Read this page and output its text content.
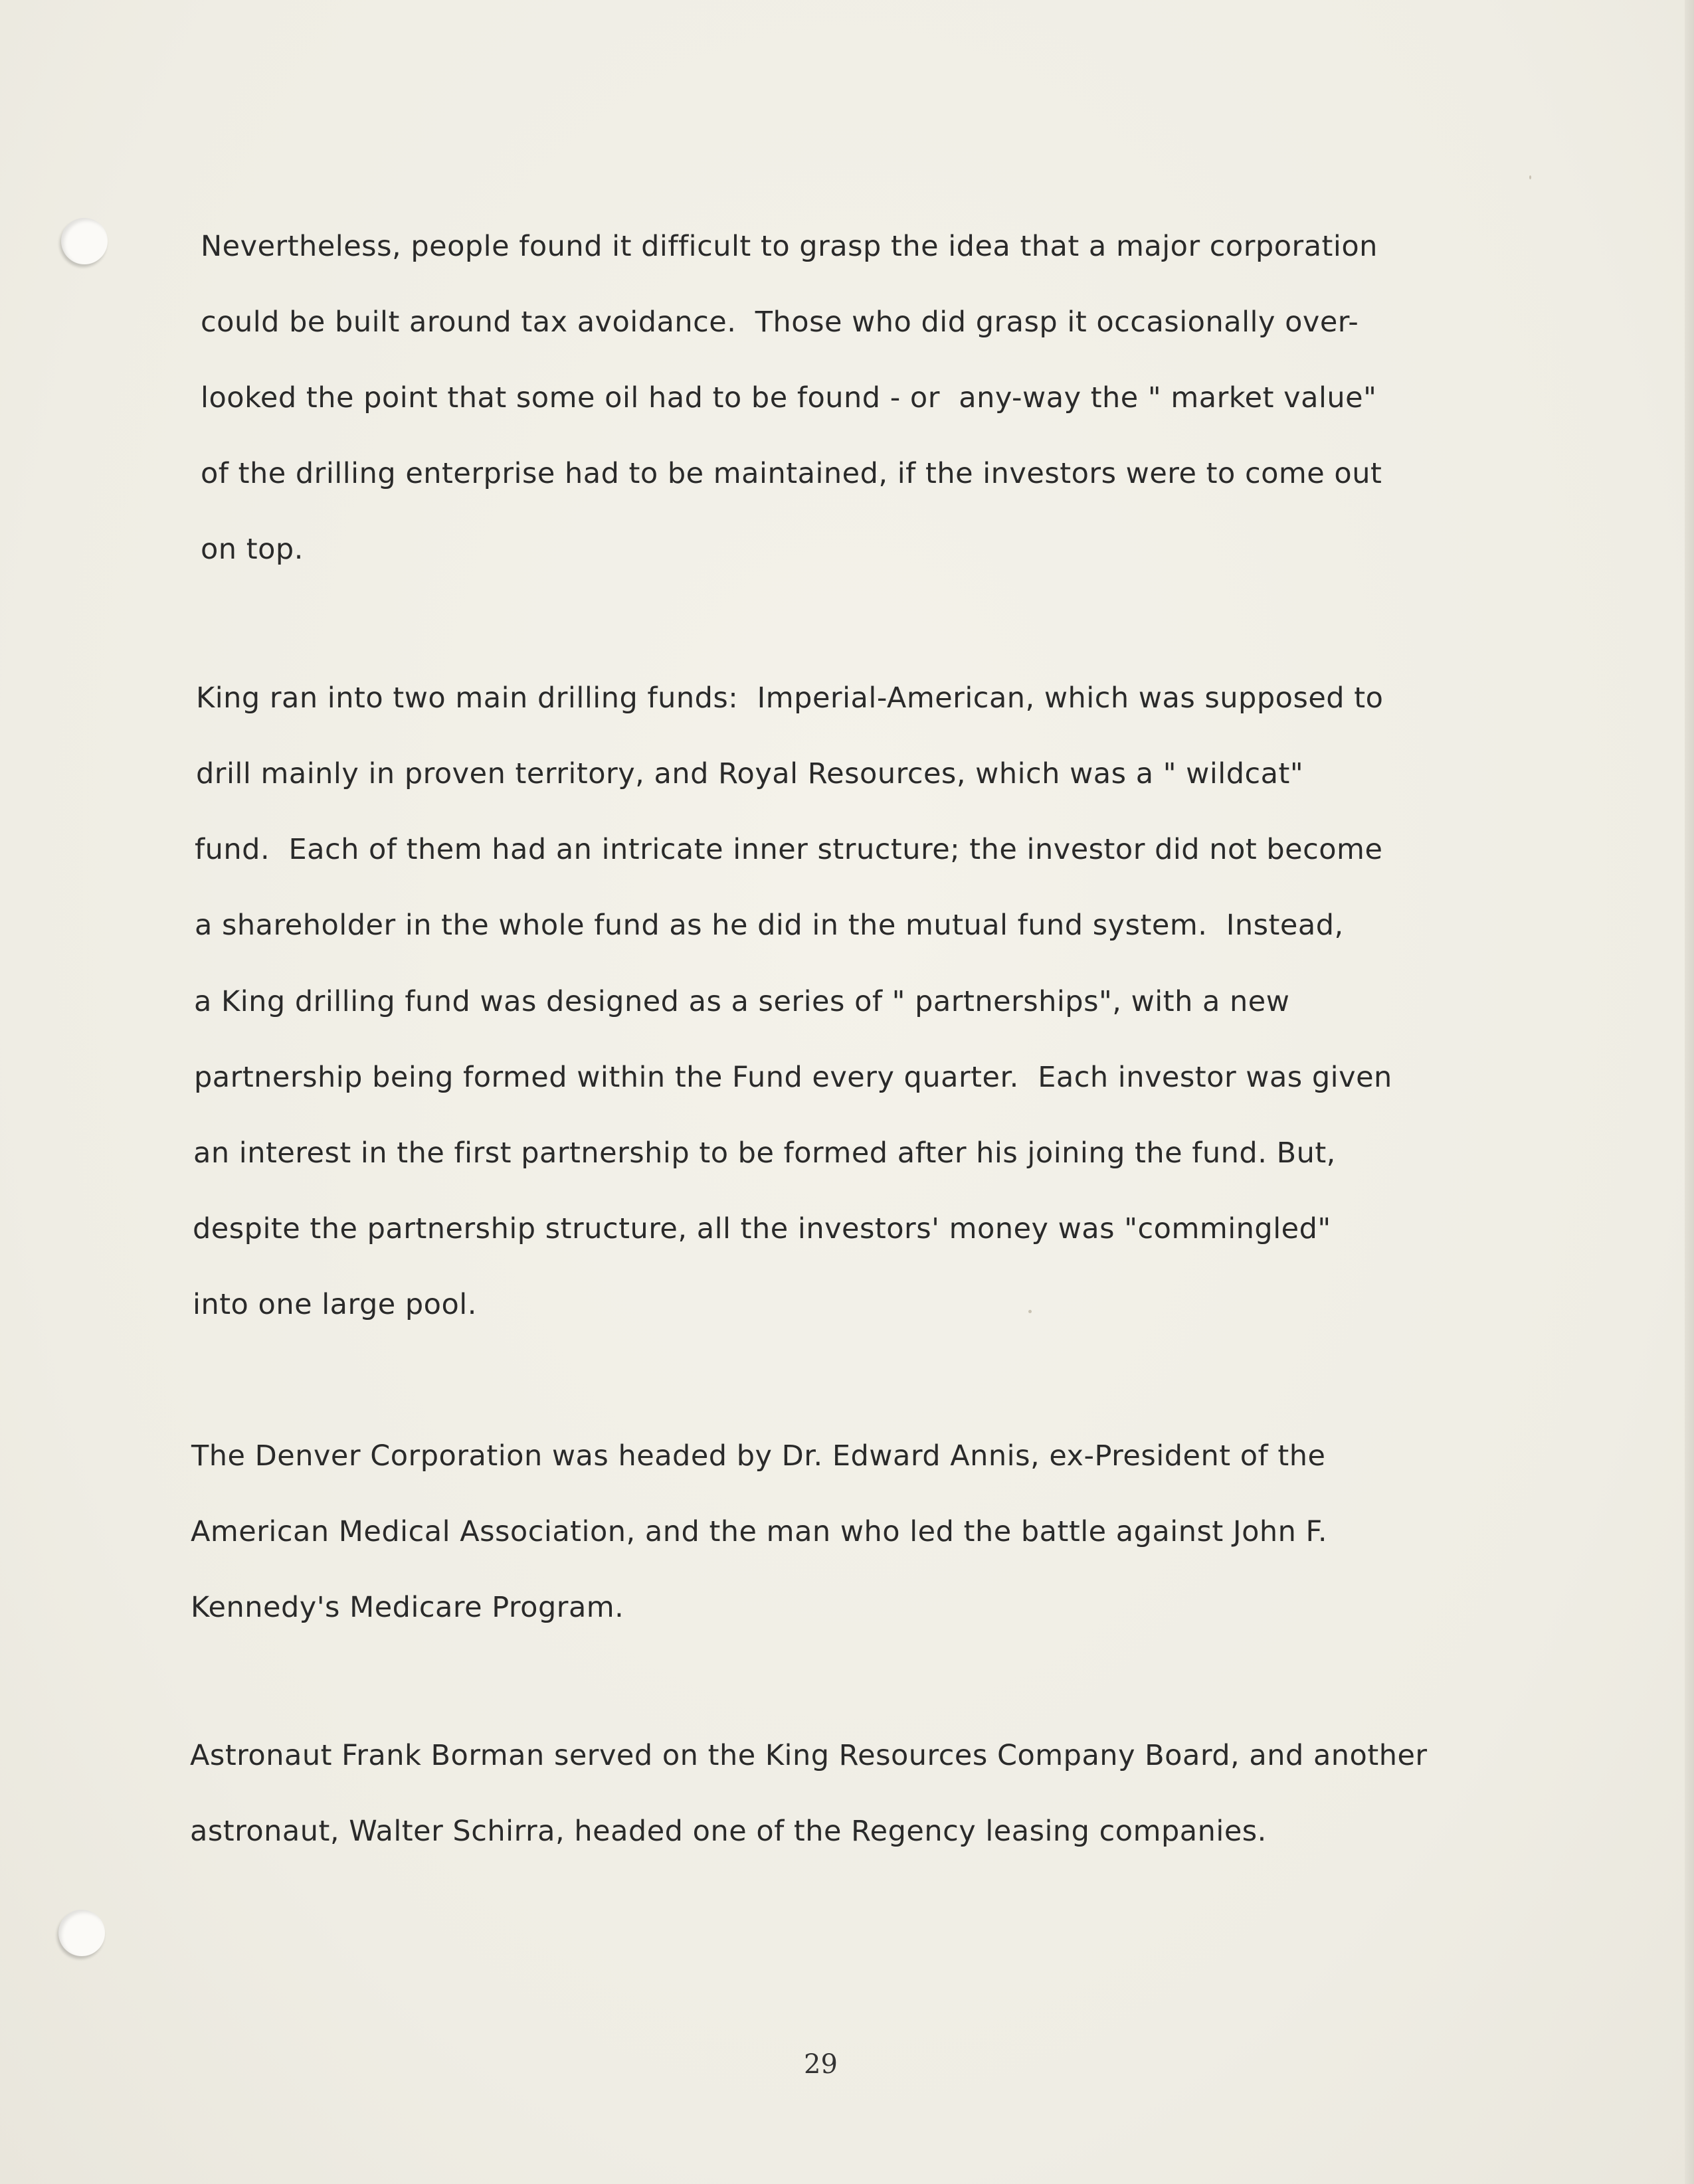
Nevertheless, people found it difficult to grasp the idea that a major corporation
could be built around tax avoidance.  Those who did grasp it occasionally over-
looked the point that some oil had to be found - or  any-way the " market value"
of the drilling enterprise had to be maintained, if the investors were to come out
on top.
King ran into two main drilling funds:  Imperial-American, which was supposed to
drill mainly in proven territory, and Royal Resources, which was a " wildcat"
fund.  Each of them had an intricate inner structure; the investor did not become
a shareholder in the whole fund as he did in the mutual fund system.  Instead,
a King drilling fund was designed as a series of " partnerships", with a new
partnership being formed within the Fund every quarter.  Each investor was given
an interest in the first partnership to be formed after his joining the fund. But,
despite the partnership structure, all the investors' money was "commingled"
into one large pool.
The Denver Corporation was headed by Dr. Edward Annis, ex-President of the
American Medical Association, and the man who led the battle against John F.
Kennedy's Medicare Program.
Astronaut Frank Borman served on the King Resources Company Board, and another
astronaut, Walter Schirra, headed one of the Regency leasing companies.
29
